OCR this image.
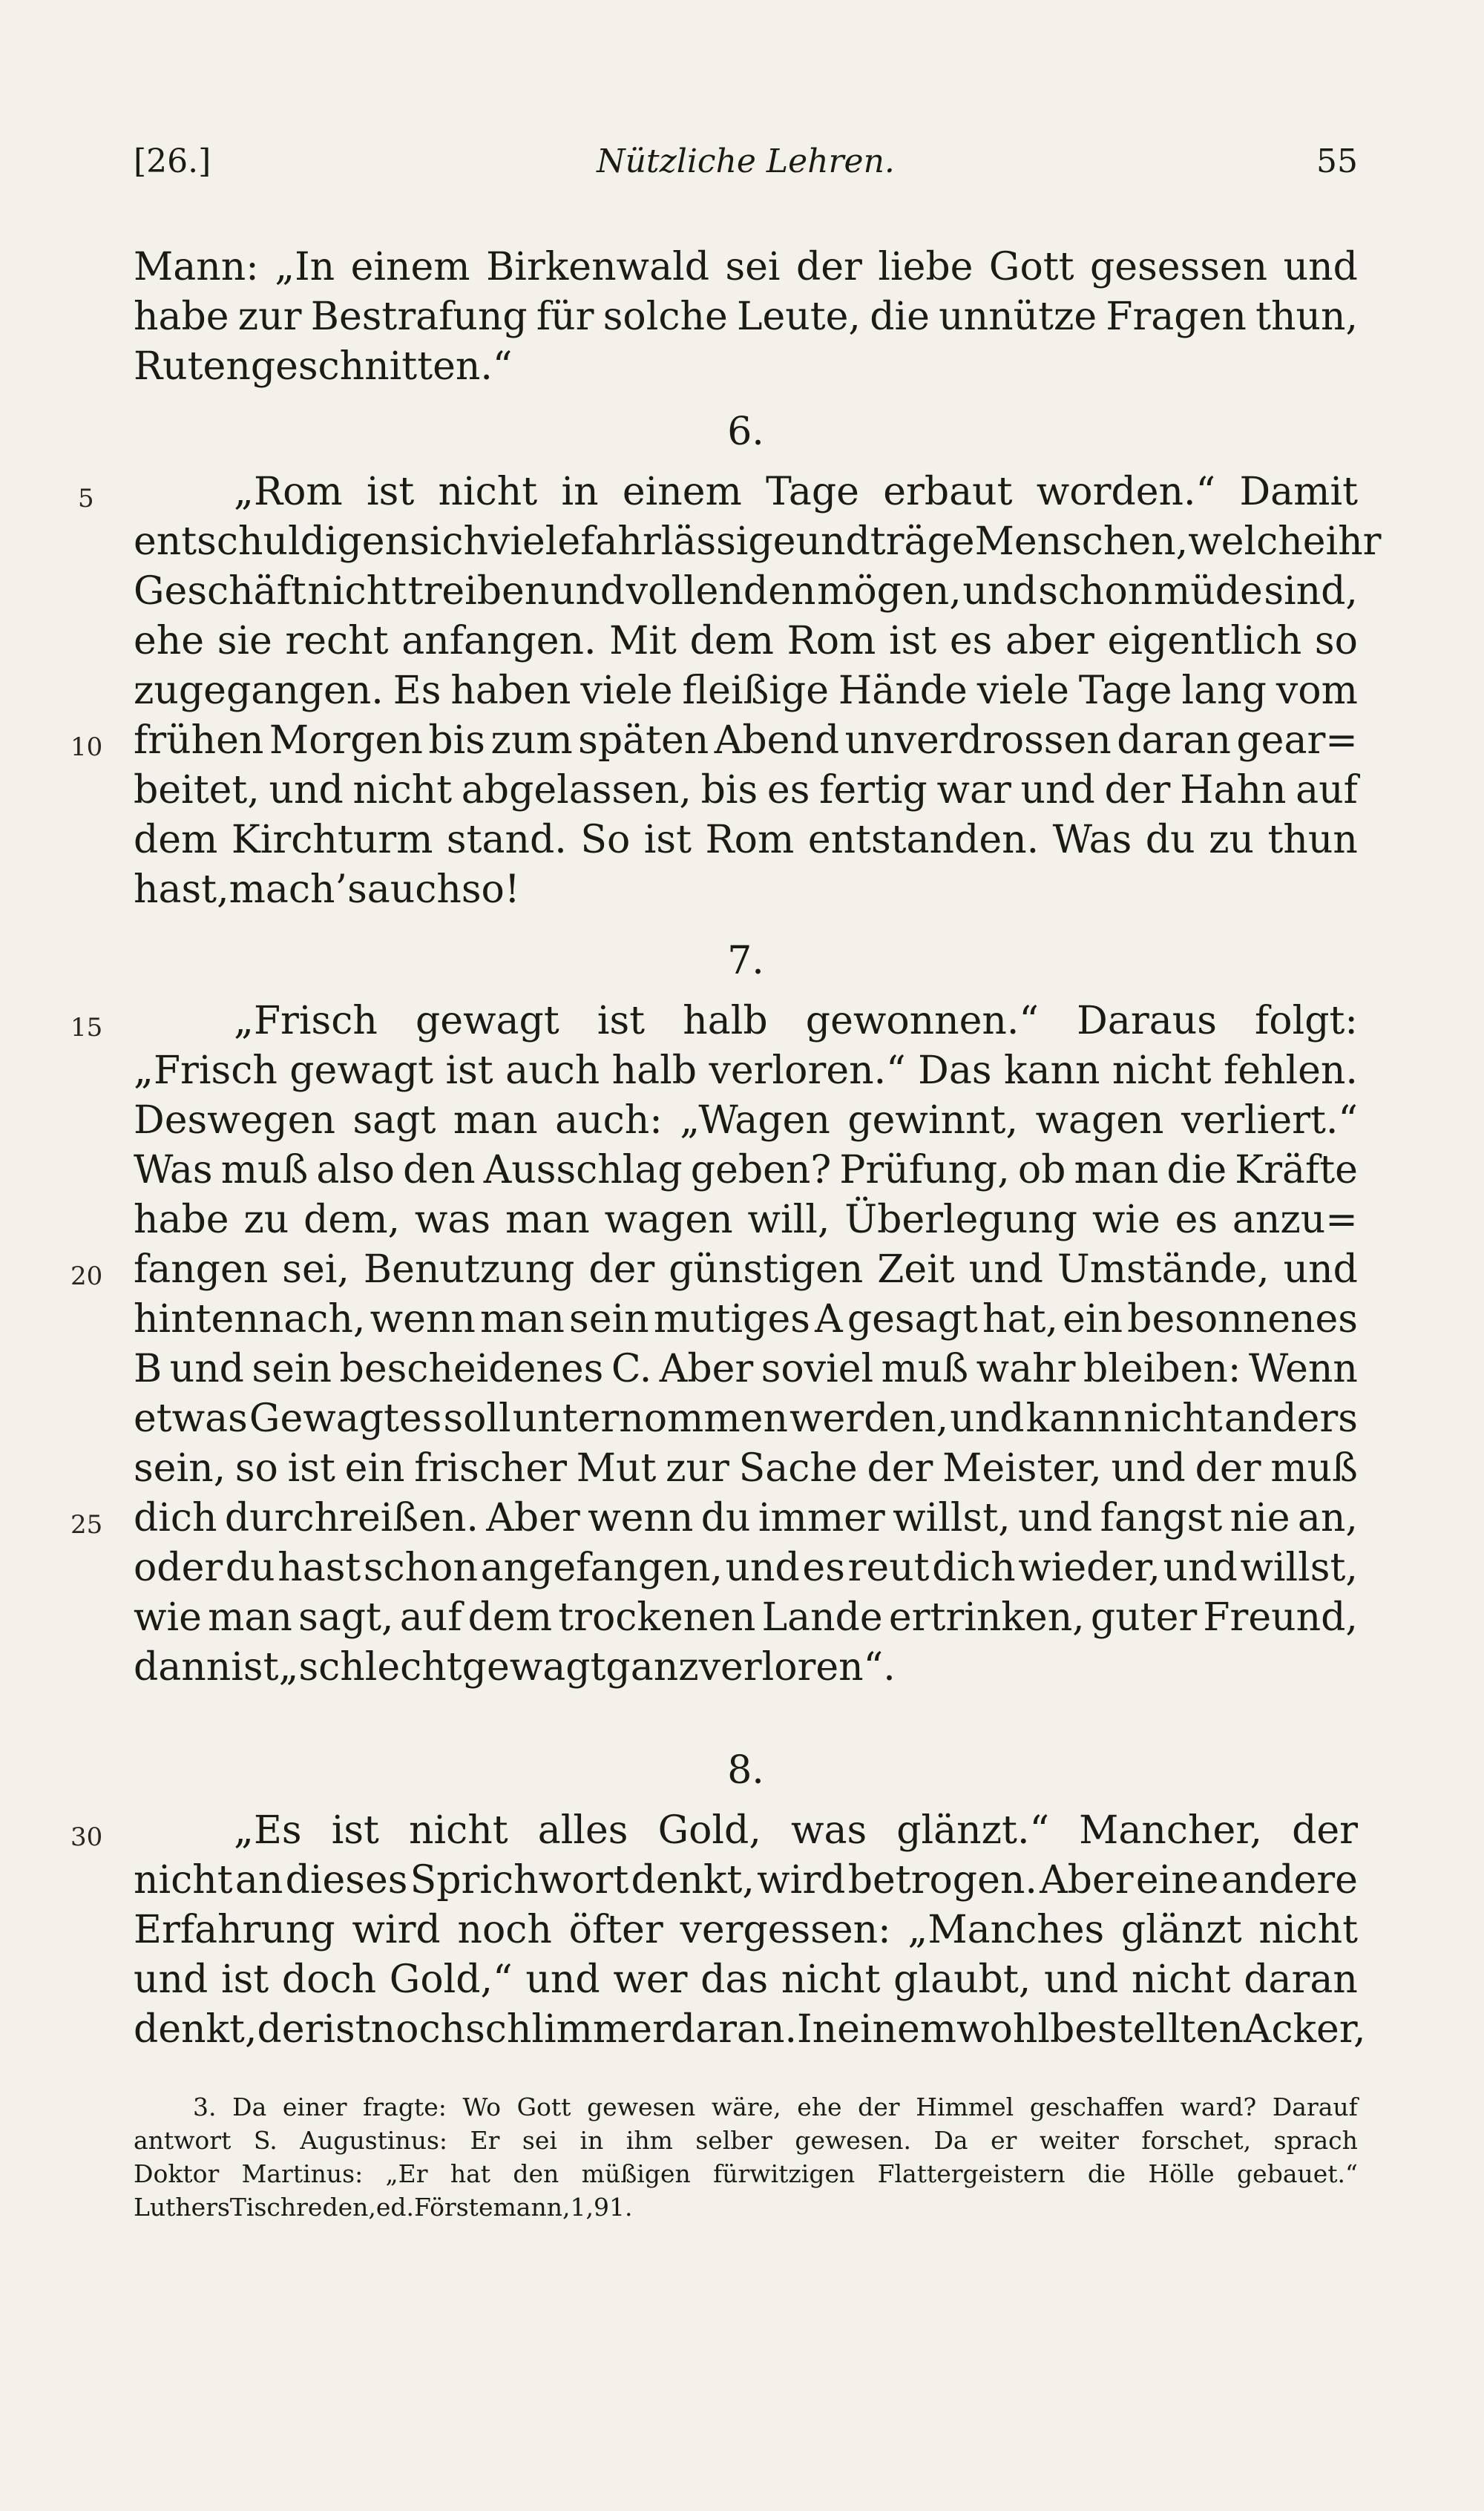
[26.]	Nützliche Lehren.	55
Mann: „In einem Birkenwald sei der liebe Gott gesessen und
habe zur Bestrafung für solche Leute, die unnütze Fragen thun,
Ruten geschnitten.“
6.
„Rom ist nicht in einem Tage erbaut worden.“ Damit
entschuldigen sich viele fahrlässige und träge Menschen, welche ihr
Geschäft nicht treiben und vollenden mögen, und schon müde sind,
ehe sie recht anfangen. Mit dem Rom ist es aber eigentlich so
zugegangen. Es haben viele fleißige Hände viele Tage lang vom
frühen Morgen bis zum späten Abend unverdrossen daran gear=
beitet, und nicht abgelassen, bis es fertig war und der Hahn auf
dem Kirchturm stand. So ist Rom entstanden. Was du zu thun
hast, mach’s auch so!
7.
„Frisch gewagt ist halb gewonnen.“ Daraus folgt:
„Frisch gewagt ist auch halb verloren.“ Das kann nicht fehlen.
Deswegen sagt man auch: „Wagen gewinnt, wagen verliert.“
Was muß also den Ausschlag geben? Prüfung, ob man die Kräfte
habe zu dem, was man wagen will, Überlegung wie es anzu=
fangen sei, Benutzung der günstigen Zeit und Umstände, und
hintennach, wenn man sein mutiges A gesagt hat, ein besonnenes
B und sein bescheidenes C. Aber soviel muß wahr bleiben: Wenn
etwas Gewagtes soll unternommen werden, und kann nicht anders
sein, so ist ein frischer Mut zur Sache der Meister, und der muß
dich durchreißen. Aber wenn du immer willst, und fangst nie an,
oder du hast schon angefangen, und es reut dich wieder, und willst,
wie man sagt, auf dem trockenen Lande ertrinken, guter Freund,
dann ist „schlecht gewagt ganz verloren“.
8.
„Es ist nicht alles Gold, was glänzt.“ Mancher, der
nicht an dieses Sprichwort denkt, wird betrogen. Aber eine andere
Erfahrung wird noch öfter vergessen: „Manches glänzt nicht
und ist doch Gold,“ und wer das nicht glaubt, und nicht daran
denkt, der ist noch schlimmer daran. In einem wohlbestellten Acker,
5
10
15
20
25
30
3. Da einer fragte: Wo Gott gewesen wäre, ehe der Himmel geschaffen ward? Darauf
antwort S. Augustinus: Er sei in ihm selber gewesen. Da er weiter forschet, sprach
Doktor Martinus: „Er hat den müßigen fürwitzigen Flattergeistern die Hölle gebauet.“
Luthers Tischreden, ed. Förstemann, 1, 91.
